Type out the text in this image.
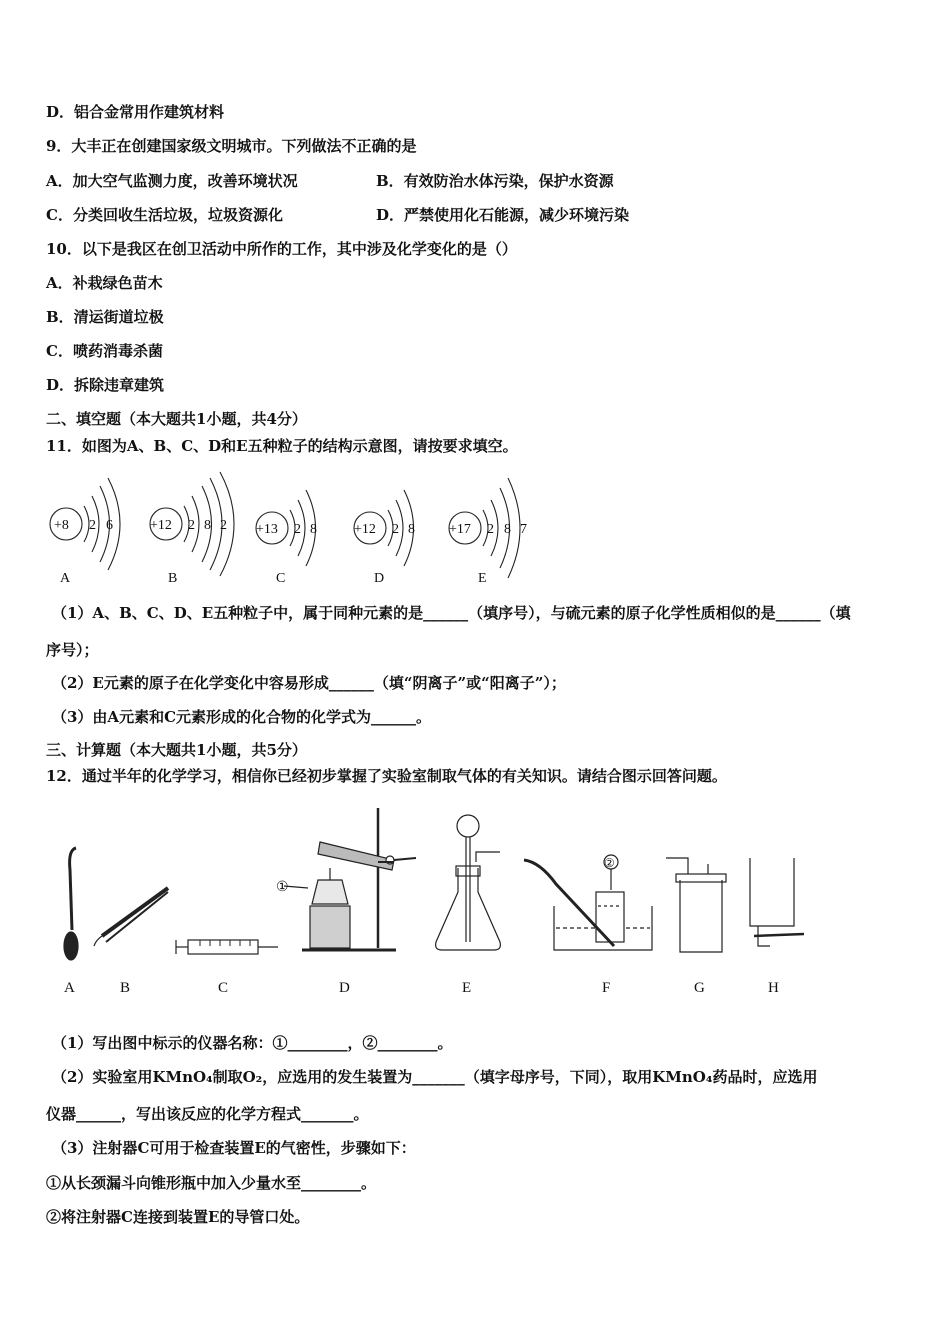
D．铝合金常用作建筑材料
9．大丰正在创建国家级文明城市。下列做法不正确的是
A．加大空气监测力度，改善环境状况	B．有效防治水体污染，保护水资源
C．分类回收生活垃圾，垃圾资源化	D．严禁使用化石能源，减少环境污染
10．以下是我区在创卫活动中所作的工作，其中涉及化学变化的是（）
A．补栽绿色苗木
B．清运街道垃极
C．喷药消毒杀菌
D．拆除违章建筑
二、填空题（本大题共1小题，共4分）
11．如图为A、B、C、D和E五种粒子的结构示意图，请按要求填空。
+8 2 6
A
+12 2 8 2
B
+13 2 8
C
+12 2 8
D
+17 2 8 7
E
（1）A、B、C、D、E五种粒子中，属于同种元素的是______（填序号），与硫元素的原子化学性质相似的是______（填
序号）；
（2）E元素的原子在化学变化中容易形成______（填“阴离子”或“阳离子”）；
（3）由A元素和C元素形成的化合物的化学式为______。
三、计算题（本大题共1小题，共5分）
12．通过半年的化学学习，相信你已经初步掌握了实验室制取气体的有关知识。请结合图示回答问题。
A	B	C	D	E	F	G	H
①
②
（1）写出图中标示的仪器名称：①________，②________。
（2）实验室用KMnO₄制取O₂，应选用的发生装置为_______（填字母序号，下同），取用KMnO₄药品时，应选用
仪器______，写出该反应的化学方程式_______。
（3）注射器C可用于检查装置E的气密性，步骤如下：
①从长颈漏斗向锥形瓶中加入少量水至________。
②将注射器C连接到装置E的导管口处。
